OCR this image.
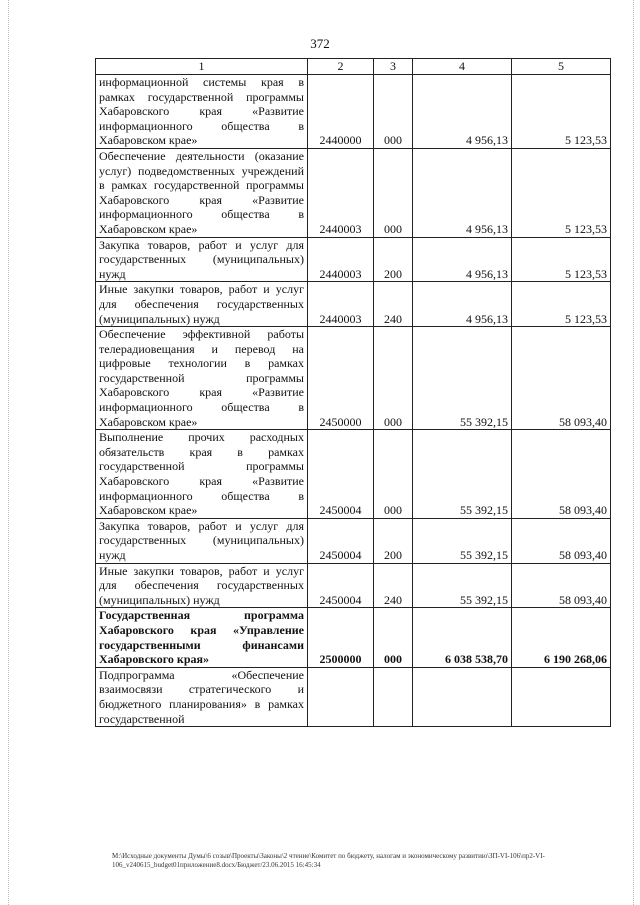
372
1	2	3	4	5
информационной системы края в рамках государственной программы Хабаровского края «Развитие информационного общества в Хабаровском крае»	2440000	000	4 956,13	5 123,53
Обеспечение деятельности (оказание услуг) подведомственных учреждений в рамках государственной программы Хабаровского края «Развитие информационного общества в Хабаровском крае»	2440003	000	4 956,13	5 123,53
Закупка товаров, работ и услуг для государственных (муниципальных) нужд	2440003	200	4 956,13	5 123,53
Иные закупки товаров, работ и услуг для обеспечения государственных (муниципальных) нужд	2440003	240	4 956,13	5 123,53
Обеспечение эффективной работы телерадиовещания и перевод на цифровые технологии в рамках государственной программы Хабаровского края «Развитие информационного общества в Хабаровском крае»	2450000	000	55 392,15	58 093,40
Выполнение прочих расходных обязательств края в рамках государственной программы Хабаровского края «Развитие информационного общества в Хабаровском крае»	2450004	000	55 392,15	58 093,40
Закупка товаров, работ и услуг для государственных (муниципальных) нужд	2450004	200	55 392,15	58 093,40
Иные закупки товаров, работ и услуг для обеспечения государственных (муниципальных) нужд	2450004	240	55 392,15	58 093,40
Государственная программа Хабаровского края «Управление государственными финансами Хабаровского края»	2500000	000	6 038 538,70	6 190 268,06
Подпрограмма «Обеспечение взаимосвязи стратегического и бюджетного планирования» в рамках государственной				
M:\Исходные документы Думы\6 созыв\Проекты\Законы\2 чтение\Комитет по бюджету, налогам и экономическому развитию\ЗП-VI-106\пр2-VI-
106_v240615_budget01приложение8.docx/Бюджет/23.06.2015 16:45:34
